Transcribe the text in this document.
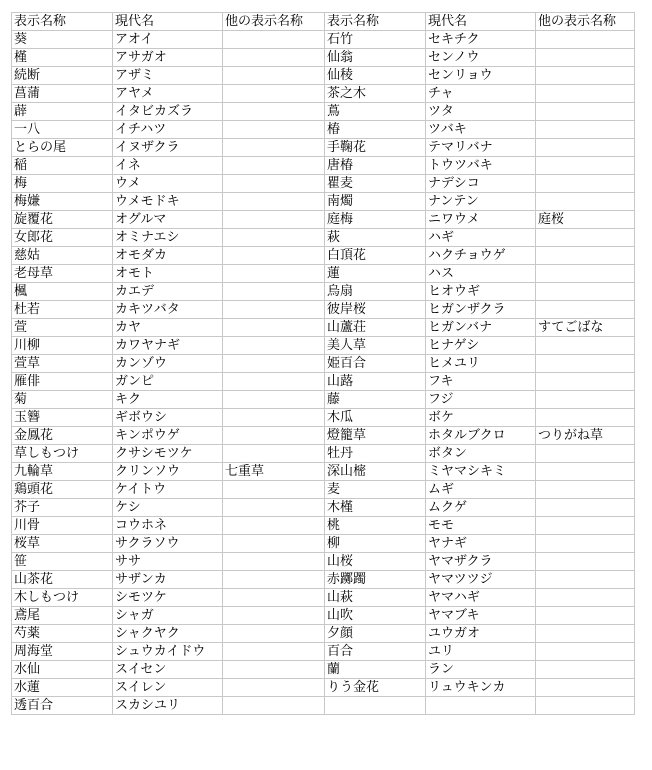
表示名称	現代名	他の表示名称	表示名称	現代名	他の表示名称
葵	アオイ		石竹	セキチク	
槿	アサガオ		仙翁	センノウ	
続断	アザミ		仙稜	センリョウ	
菖蒲	アヤメ		茶之木	チャ	
薜	イタビカズラ		蔦	ツタ	
一八	イチハツ		椿	ツバキ	
とらの尾	イヌザクラ		手鞠花	テマリバナ	
稲	イネ		唐椿	トウツバキ	
梅	ウメ		瞿麦	ナデシコ	
梅嫌	ウメモドキ		南燭	ナンテン	
旋覆花	オグルマ		庭梅	ニワウメ	庭桜
女郎花	オミナエシ		萩	ハギ	
慈姑	オモダカ		白頂花	ハクチョウゲ	
老母草	オモト		蓮	ハス	
楓	カエデ		烏扇	ヒオウギ	
杜若	カキツバタ		彼岸桜	ヒガンザクラ	
萱	カヤ		山蘆荘	ヒガンバナ	すてごばな
川柳	カワヤナギ		美人草	ヒナゲシ	
萱草	カンゾウ		姫百合	ヒメユリ	
雁俳	ガンピ		山蕗	フキ	
菊	キク		藤	フジ	
玉簪	ギボウシ		木瓜	ボケ	
金鳳花	キンポウゲ		燈籠草	ホタルブクロ	つりがね草
草しもつけ	クサシモツケ		牡丹	ボタン	
九輪草	クリンソウ	七重草	深山樒	ミヤマシキミ	
鶏頭花	ケイトウ		麦	ムギ	
芥子	ケシ		木槿	ムクゲ	
川骨	コウホネ		桃	モモ	
桜草	サクラソウ		柳	ヤナギ	
笹	ササ		山桜	ヤマザクラ	
山茶花	サザンカ		赤躑躅	ヤマツツジ	
木しもつけ	シモツケ		山萩	ヤマハギ	
鳶尾	シャガ		山吹	ヤマブキ	
芍薬	シャクヤク		夕顔	ユウガオ	
周海堂	シュウカイドウ		百合	ユリ	
水仙	スイセン		蘭	ラン	
水蓮	スイレン		りう金花	リュウキンカ	
透百合	スカシユリ				
